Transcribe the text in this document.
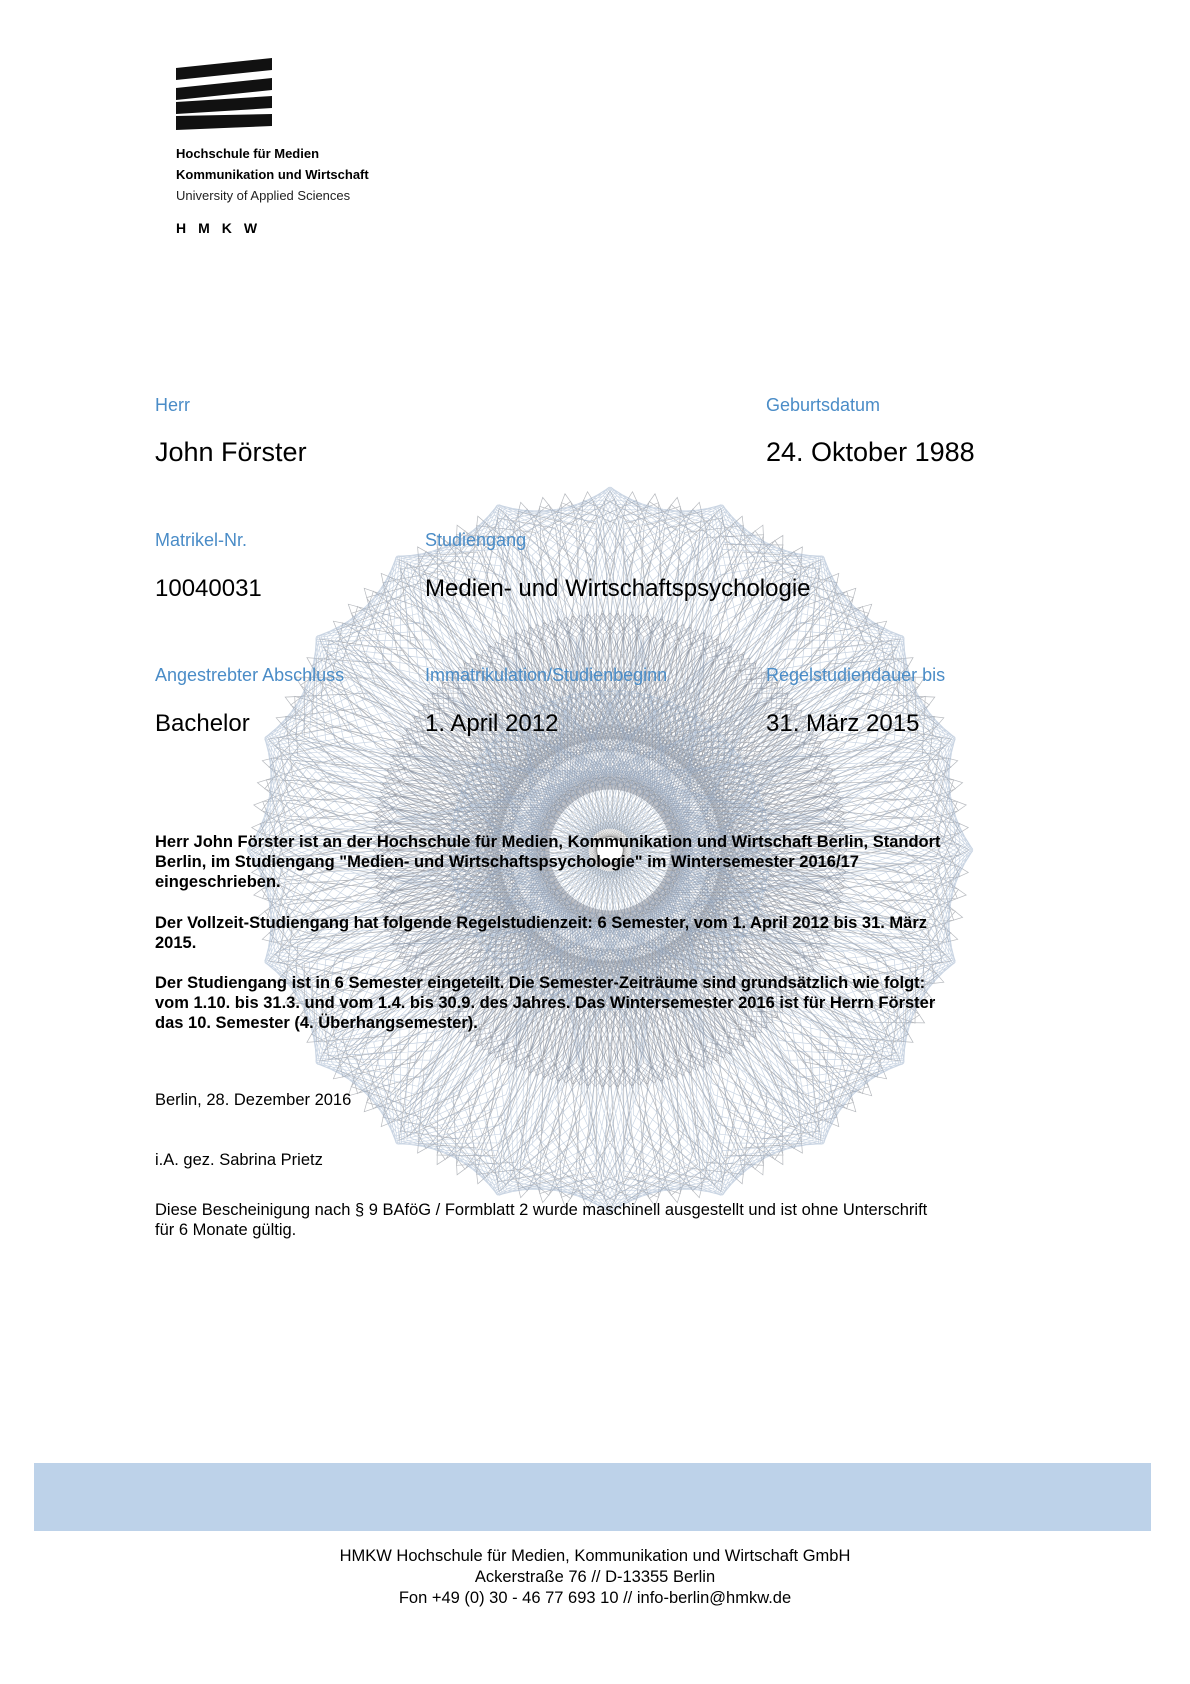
Hochschule für Medien
Kommunikation und Wirtschaft
University of Applied Sciences
HMKW
Herr
John Förster
Geburtsdatum
24. Oktober 1988
Matrikel-Nr.
10040031
Studiengang
Medien- und Wirtschaftspsychologie
Angestrebter Abschluss
Bachelor
Immatrikulation/Studienbeginn
1. April 2012
Regelstudiendauer bis
31. März 2015
Herr John Förster ist an der Hochschule für Medien, Kommunikation und Wirtschaft Berlin, Standort
Berlin, im Studiengang "Medien- und Wirtschaftspsychologie" im Wintersemester 2016/17
eingeschrieben.
Der Vollzeit-Studiengang hat folgende Regelstudienzeit: 6 Semester, vom 1. April 2012 bis 31. März
2015.
Der Studiengang ist in 6 Semester eingeteilt. Die Semester-Zeiträume sind grundsätzlich wie folgt:
vom 1.10. bis 31.3. und vom 1.4. bis 30.9. des Jahres. Das Wintersemester 2016 ist für Herrn Förster
das 10. Semester (4. Überhangsemester).
Berlin, 28. Dezember 2016
i.A. gez. Sabrina Prietz
Diese Bescheinigung nach § 9 BAföG / Formblatt 2 wurde maschinell ausgestellt und ist ohne Unterschrift
für 6 Monate gültig.
HMKW Hochschule für Medien, Kommunikation und Wirtschaft GmbH
Ackerstraße 76 // D-13355 Berlin
Fon +49 (0) 30 - 46 77 693 10 // info-berlin@hmkw.de
